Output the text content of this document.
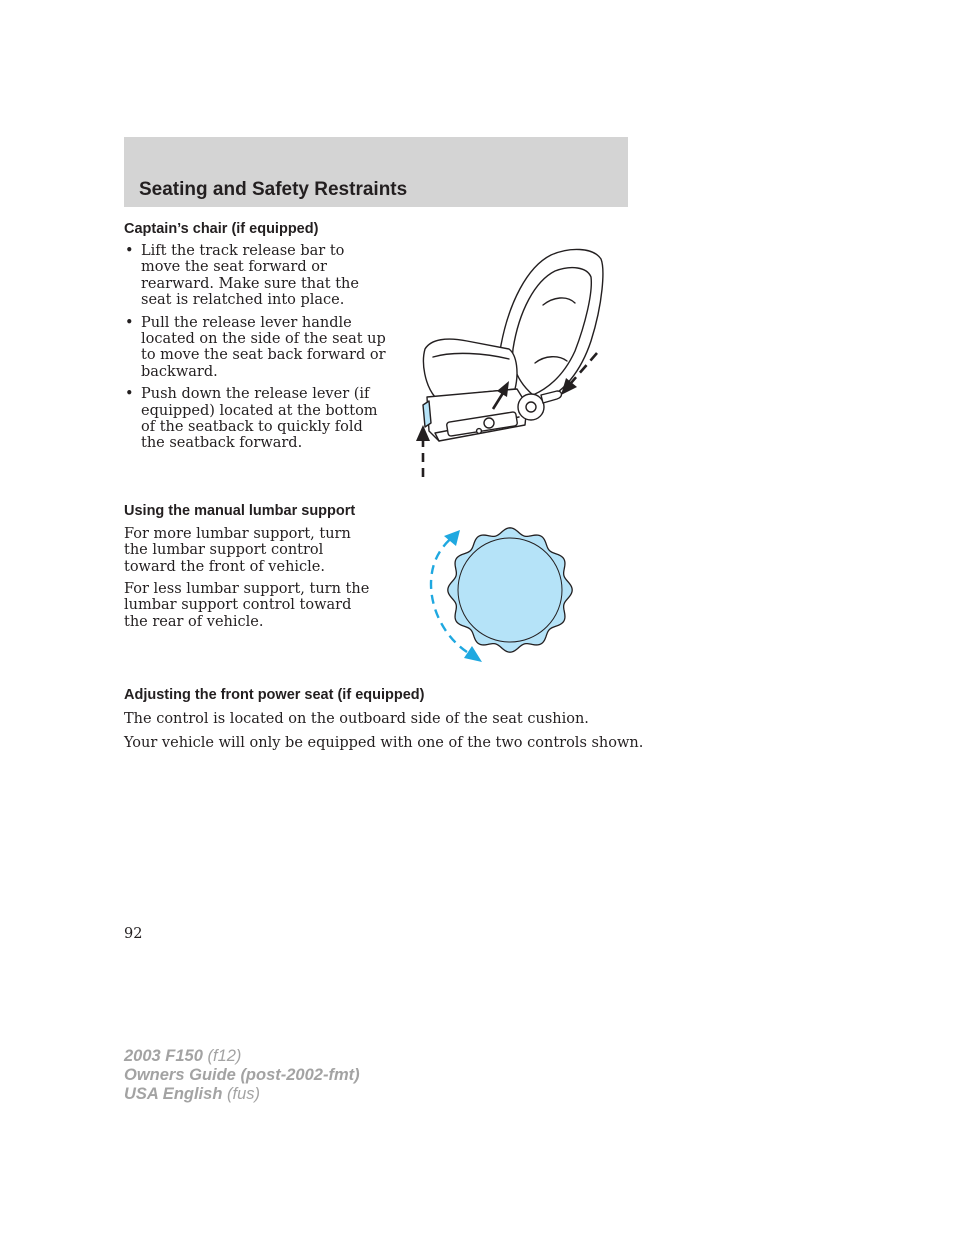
Seating and Safety Restraints
Captain’s chair (if equipped)
• Lift the track release bar to move the seat forward or rearward. Make sure that the seat is relatched into place.
• Pull the release lever handle located on the side of the seat up to move the seat back forward or backward.
• Push down the release lever (if equipped) located at the bottom of the seatback to quickly fold the seatback forward.
Using the manual lumbar support

For more lumbar support, turn the lumbar support control toward the front of vehicle.

For less lumbar support, turn the lumbar support control toward the rear of vehicle.

Adjusting the front power seat (if equipped)

The control is located on the outboard side of the seat cushion.

Your vehicle will only be equipped with one of the two controls shown.

92
2003 F150 (f12)
Owners Guide (post-2002-fmt)
USA English (fus)
